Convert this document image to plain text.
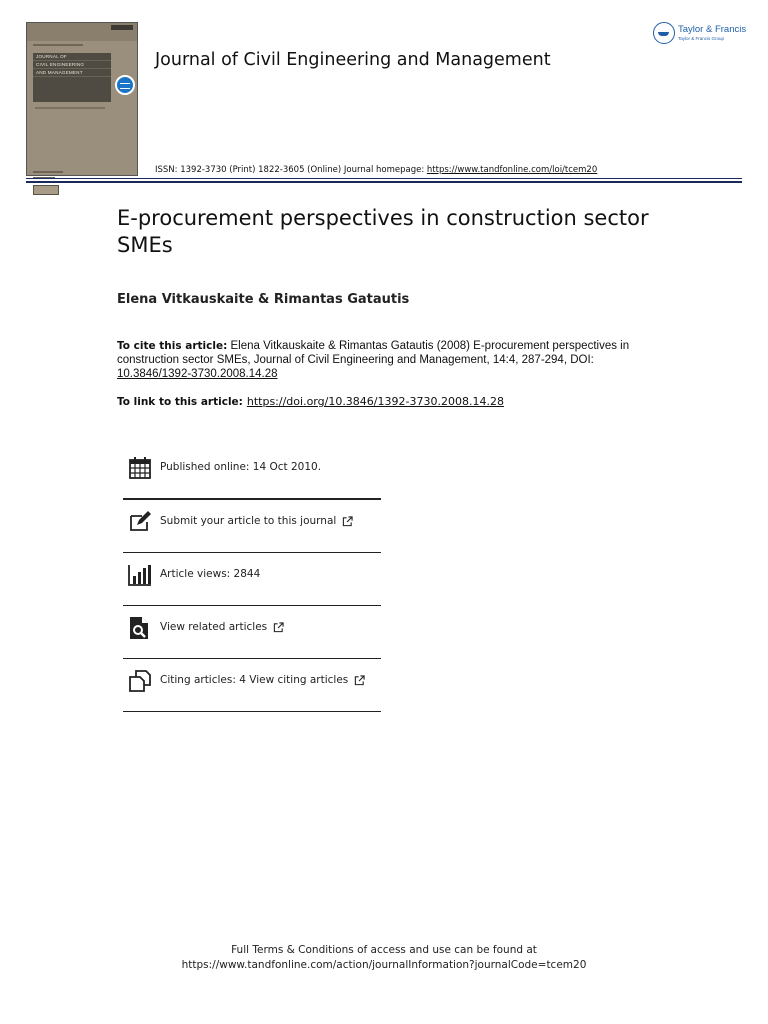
JOURNAL OF
CIVIL ENGINEERING
AND MANAGEMENT
Journal of Civil Engineering and Management
Taylor & Francis
Taylor & Francis Group
ISSN: 1392-3730 (Print) 1822-3605 (Online) Journal homepage: https://www.tandfonline.com/loi/tcem20
E-procurement perspectives in construction sector SMEs
Elena Vitkauskaite & Rimantas Gatautis
To cite this article: Elena Vitkauskaite & Rimantas Gatautis (2008) E-procurement perspectives in construction sector SMEs, Journal of Civil Engineering and Management, 14:4, 287-294, DOI: 10.3846/1392-3730.2008.14.28
To link to this article: https://doi.org/10.3846/1392-3730.2008.14.28
Published online: 14 Oct 2010.
Submit your article to this journal
Article views: 2844
View related articles
Citing articles: 4 View citing articles
Full Terms & Conditions of access and use can be found at
https://www.tandfonline.com/action/journalInformation?journalCode=tcem20
